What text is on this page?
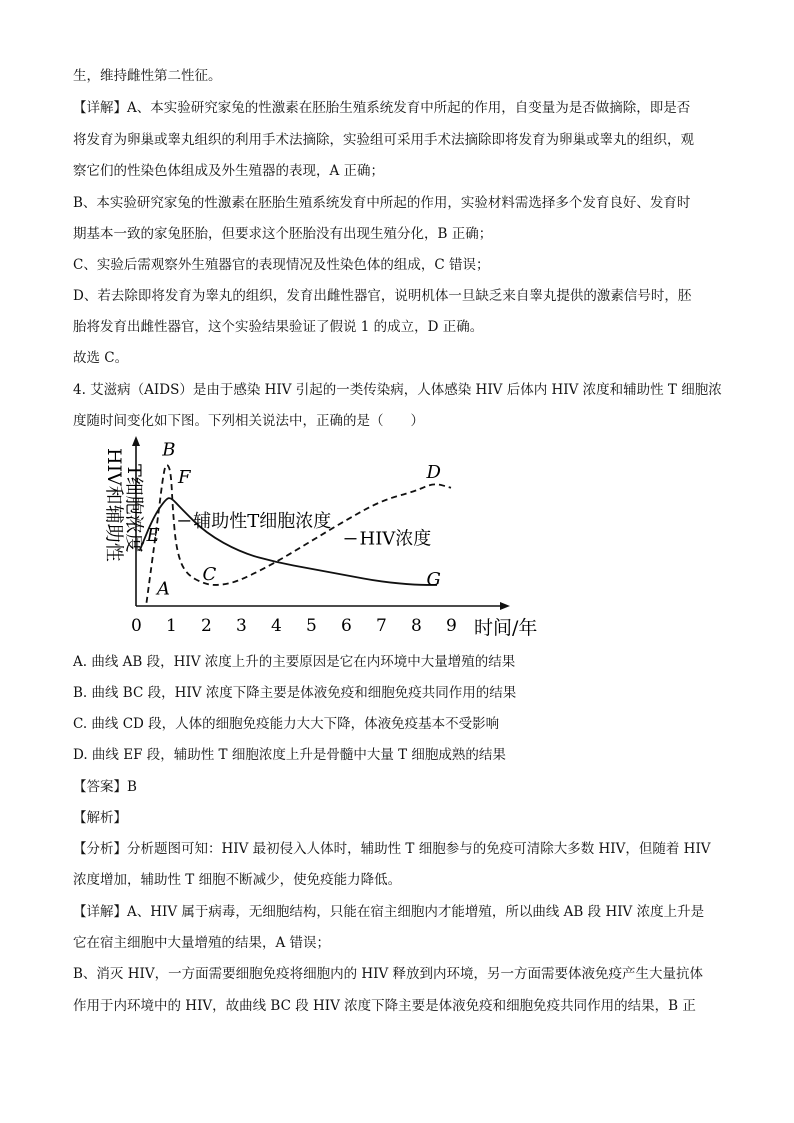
生，维持雌性第二性征。
【详解】A、本实验研究家兔的性激素在胚胎生殖系统发育中所起的作用，自变量为是否做摘除，即是否
将发育为卵巢或睾丸组织的利用手术法摘除，实验组可采用手术法摘除即将发育为卵巢或睾丸的组织，观
察它们的性染色体组成及外生殖器的表现，A 正确；
B、本实验研究家兔的性激素在胚胎生殖系统发育中所起的作用，实验材料需选择多个发育良好、发育时
期基本一致的家兔胚胎，但要求这个胚胎没有出现生殖分化，B 正确；
C、实验后需观察外生殖器官的表现情况及性染色体的组成，C 错误；
D、若去除即将发育为睾丸的组织，发育出雌性器官，说明机体一旦缺乏来自睾丸提供的激素信号时，胚
胎将发育出雌性器官，这个实验结果验证了假说 1 的成立，D 正确。
故选 C。
4. 艾滋病（AIDS）是由于感染 HIV 引起的一类传染病，人体感染 HIV 后体内 HIV 浓度和辅助性 T 细胞浓
度随时间变化如下图。下列相关说法中，正确的是（　　）
HIV和辅助性
T细胞浓度
时间/年
0 1 2 3 4 5 6 7 8 9
B
F
E
A
C
D
G
辅助性T细胞浓度
HIV浓度
A. 曲线 AB 段，HIV 浓度上升的主要原因是它在内环境中大量增殖的结果
B. 曲线 BC 段，HIV 浓度下降主要是体液免疫和细胞免疫共同作用的结果
C. 曲线 CD 段，人体的细胞免疫能力大大下降，体液免疫基本不受影响
D. 曲线 EF 段，辅助性 T 细胞浓度上升是骨髓中大量 T 细胞成熟的结果
【答案】B
【解析】
【分析】分析题图可知：HIV 最初侵入人体时，辅助性 T 细胞参与的免疫可清除大多数 HIV，但随着 HIV
浓度增加，辅助性 T 细胞不断减少，使免疫能力降低。
【详解】A、HIV 属于病毒，无细胞结构，只能在宿主细胞内才能增殖，所以曲线 AB 段 HIV 浓度上升是
它在宿主细胞中大量增殖的结果，A 错误；
B、消灭 HIV，一方面需要细胞免疫将细胞内的 HIV 释放到内环境，另一方面需要体液免疫产生大量抗体
作用于内环境中的 HIV，故曲线 BC 段 HIV 浓度下降主要是体液免疫和细胞免疫共同作用的结果，B 正
